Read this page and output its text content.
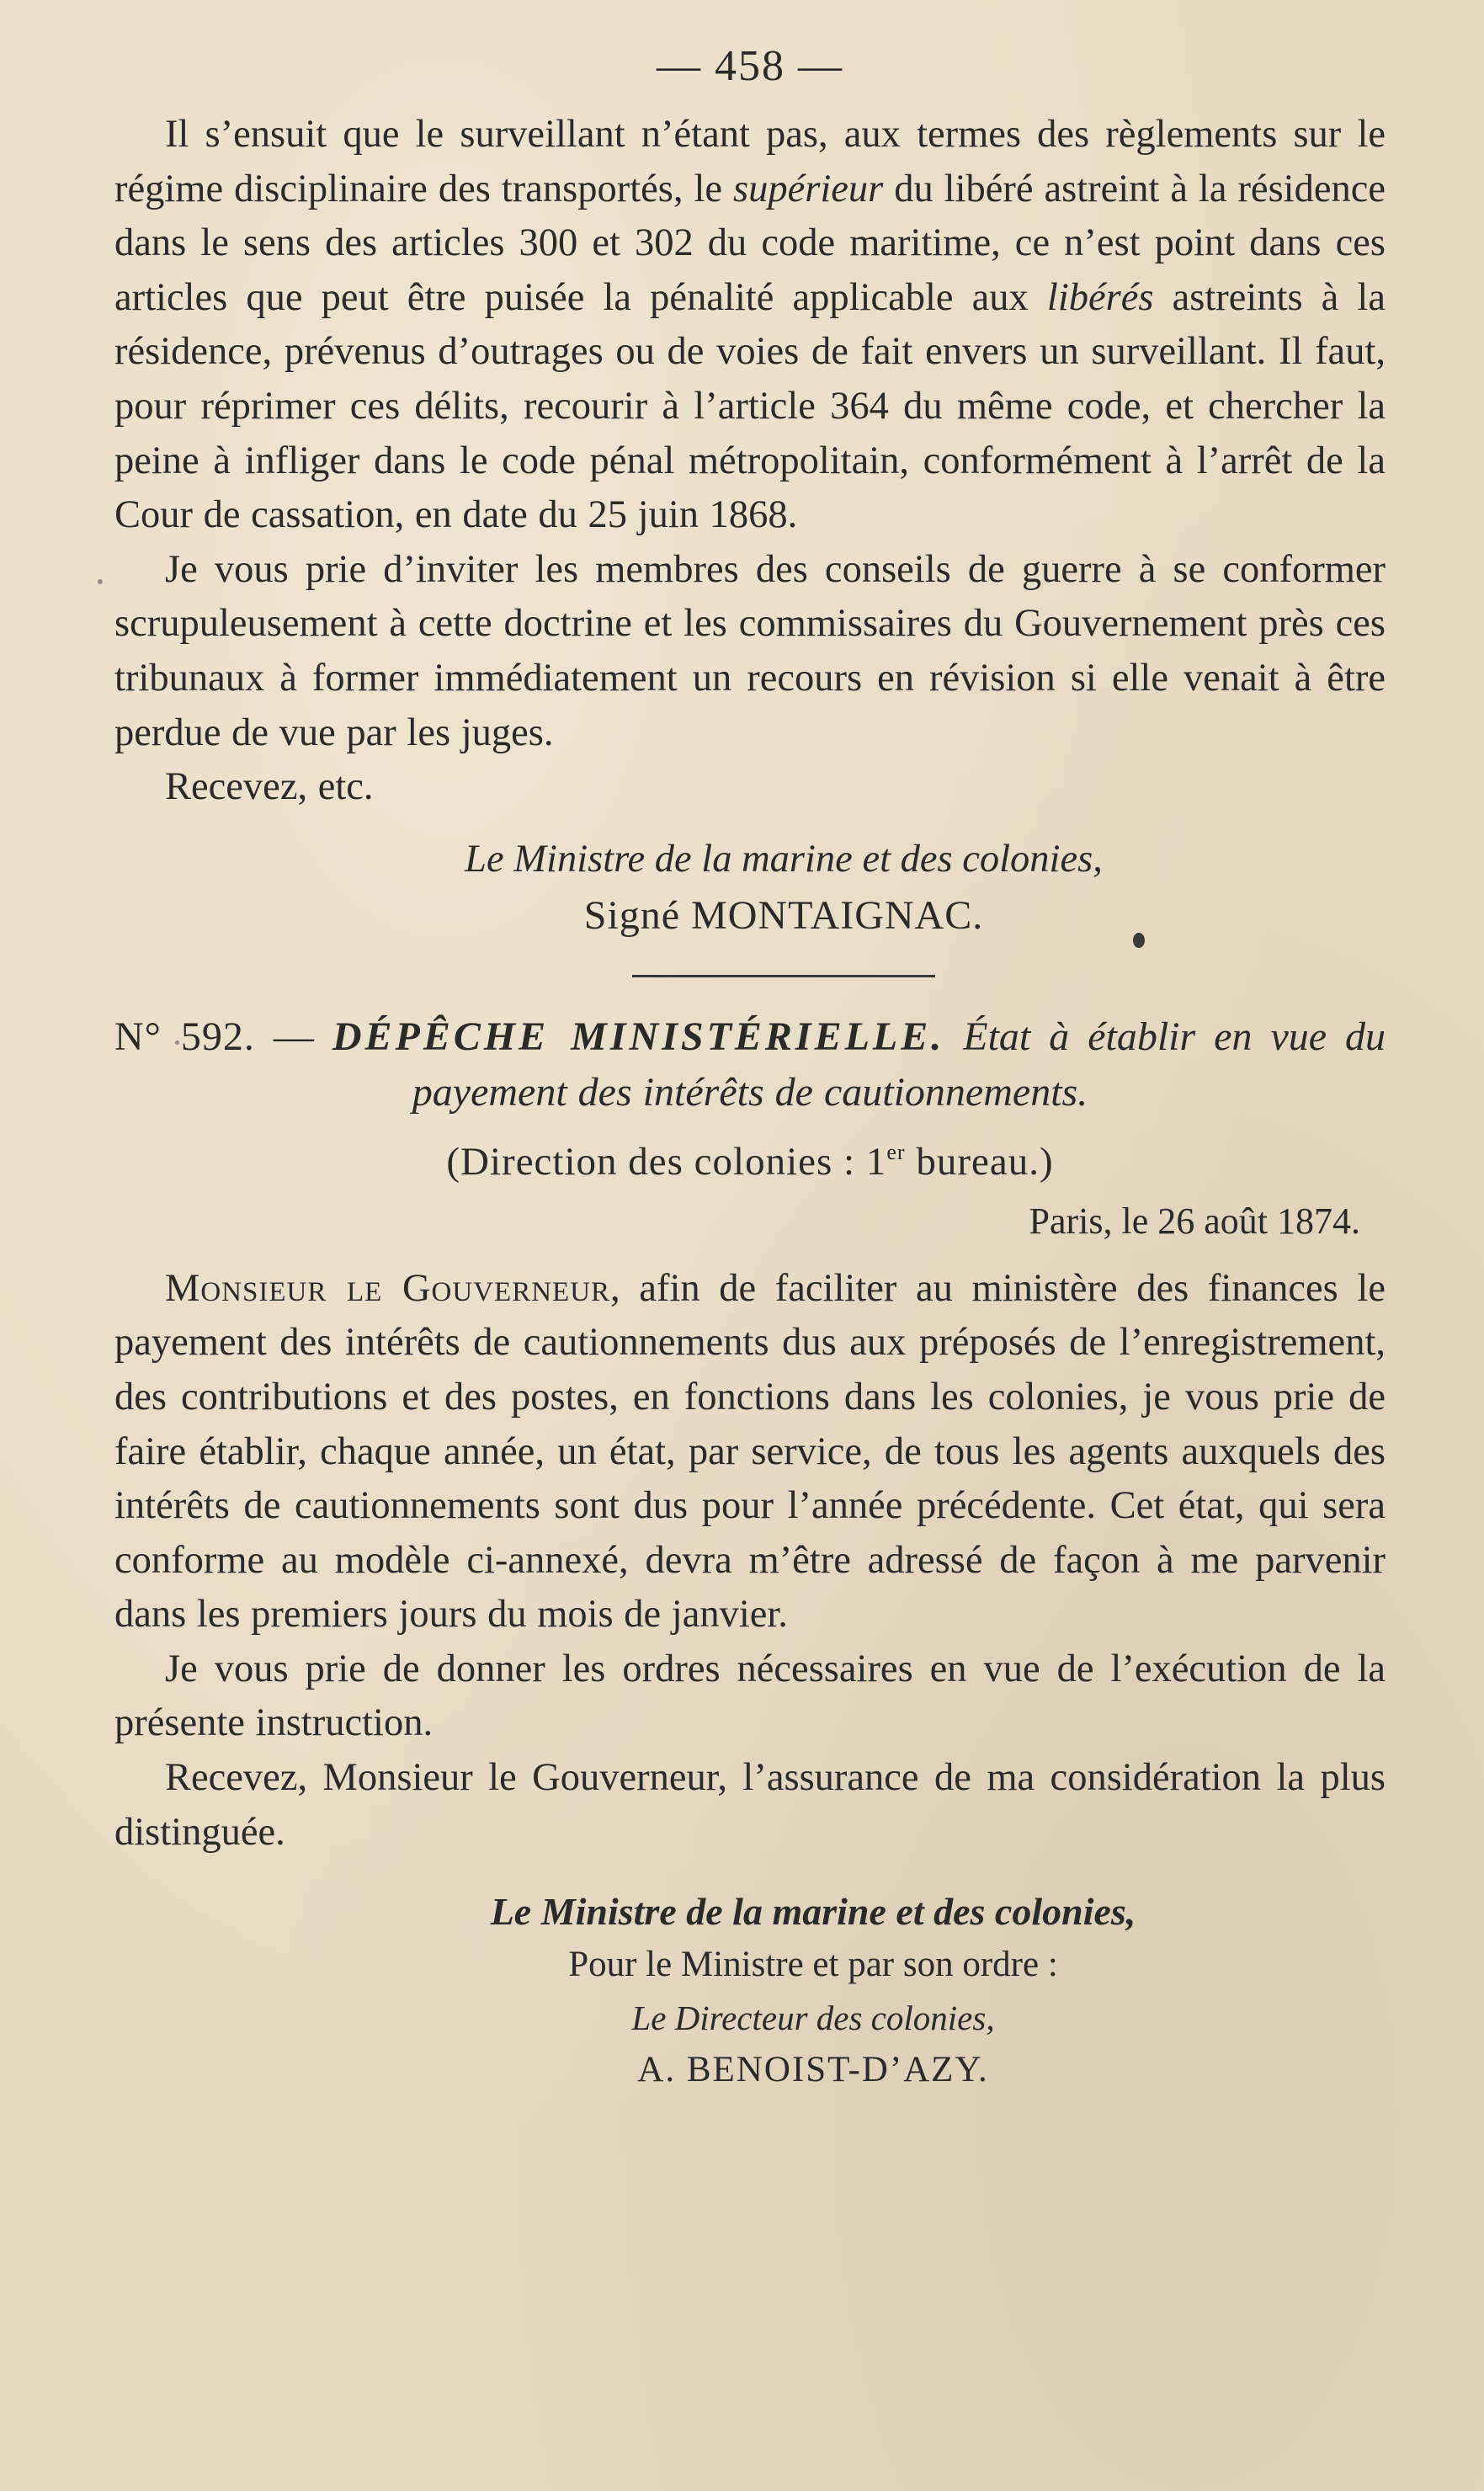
— 458 —

Il s’ensuit que le surveillant n’étant pas, aux termes des règlements sur le régime disciplinaire des transportés, le supérieur du libéré astreint à la résidence dans le sens des articles 300 et 302 du code maritime, ce n’est point dans ces articles que peut être puisée la pénalité applicable aux libérés astreints à la résidence, prévenus d’outrages ou de voies de fait envers un surveillant. Il faut, pour réprimer ces délits, recourir à l’article 364 du même code, et chercher la peine à infliger dans le code pénal métropolitain, conformément à l’arrêt de la Cour de cassation, en date du 25 juin 1868.

Je vous prie d’inviter les membres des conseils de guerre à se conformer scrupuleusement à cette doctrine et les commissaires du Gouvernement près ces tribunaux à former immédiatement un recours en révision si elle venait à être perdue de vue par les juges.

Recevez, etc.

Le Ministre de la marine et des colonies,
Signé MONTAIGNAC.

N° 592. — DÉPÊCHE MINISTÉRIELLE. État à établir en vue du payement des intérêts de cautionnements.

(Direction des colonies : 1er bureau.)
Paris, le 26 août 1874.

Monsieur le Gouverneur, afin de faciliter au ministère des finances le payement des intérêts de cautionnements dus aux préposés de l’enregistrement, des contributions et des postes, en fonctions dans les colonies, je vous prie de faire établir, chaque année, un état, par service, de tous les agents auxquels des intérêts de cautionnements sont dus pour l’année précédente. Cet état, qui sera conforme au modèle ci-annexé, devra m’être adressé de façon à me parvenir dans les premiers jours du mois de janvier.

Je vous prie de donner les ordres nécessaires en vue de l’exécution de la présente instruction.

Recevez, Monsieur le Gouverneur, l’assurance de ma considération la plus distinguée.

Le Ministre de la marine et des colonies,
Pour le Ministre et par son ordre :
Le Directeur des colonies,
A. BENOIST-D’AZY.
